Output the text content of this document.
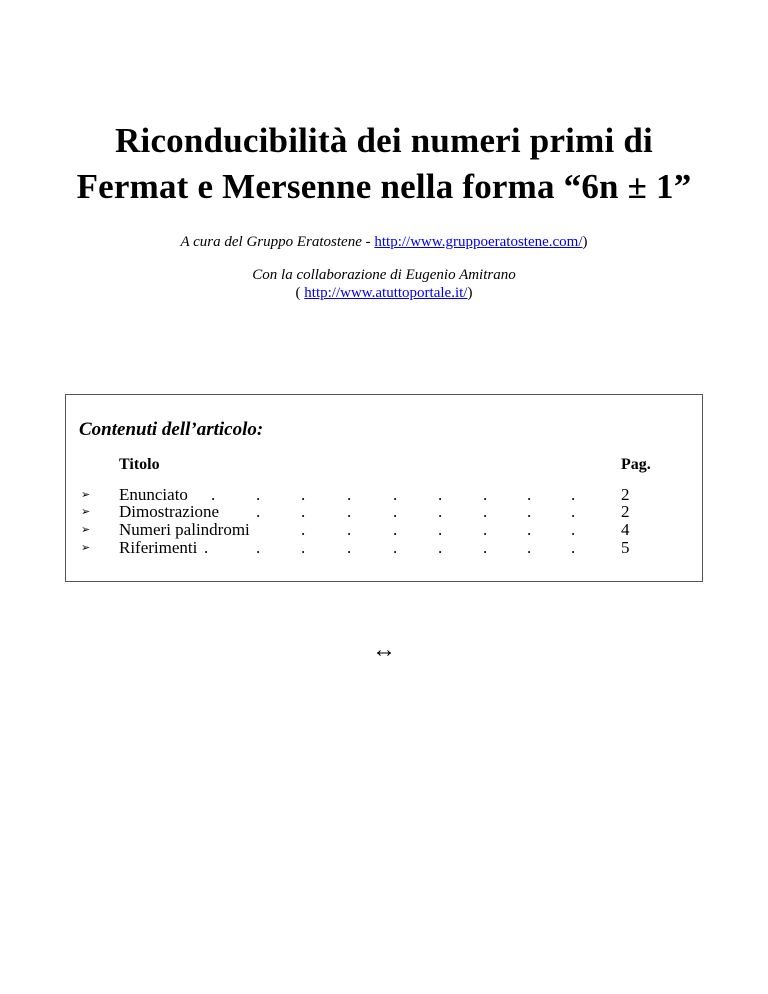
Riconducibilità dei numeri primi di
Fermat e Mersenne nella forma “6n ± 1”
A cura del Gruppo Eratostene - http://www.gruppoeratostene.com/)
Con la collaborazione di Eugenio Amitrano
( http://www.atuttoportale.it/)
Contenuti dell’articolo:
Titolo	Pag.
➢ Enunciato . . . . . . . . .	2
➢ Dimostrazione . . . . . . . .	2
➢ Numeri palindromi	. . . . . . .	4
➢ Riferimenti .	. . . . . . . .	5
↔
